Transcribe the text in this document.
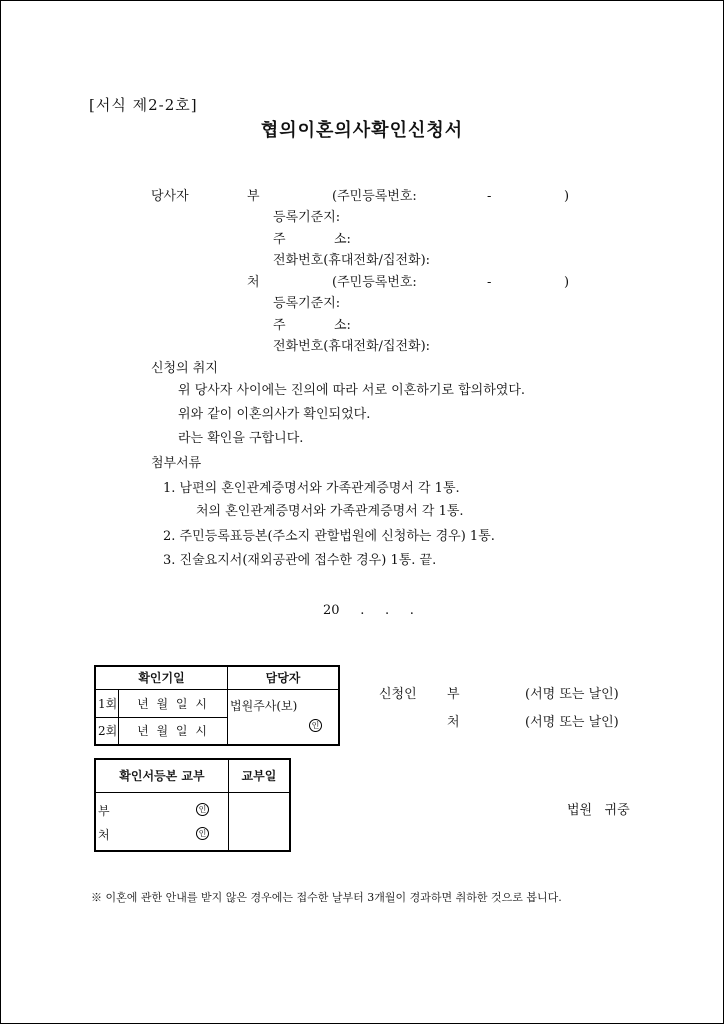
[서식 제2-2호]
협의이혼의사확인신청서
당사자	부	(주민등록번호:	-	)
등록기준지:
주	소:
전화번호(휴대전화/집전화):
처	(주민등록번호:	-	)
등록기준지:
주	소:
전화번호(휴대전화/집전화):
신청의 취지
위 당사자 사이에는 진의에 따라 서로 이혼하기로 합의하였다.
위와 같이 이혼의사가 확인되었다.
라는 확인을 구합니다.
첨부서류
1. 남편의 혼인관계증명서와 가족관계증명서 각 1통.
처의 혼인관계증명서와 가족관계증명서 각 1통.
2. 주민등록표등본(주소지 관할법원에 신청하는 경우) 1통.
3. 진술요지서(재외공관에 접수한 경우) 1통. 끝.
20     .     .     .
확인기일		담당자
1회	년 월 일 시	법원주사(보)
인

2회	년 월 일 시	
확인서등본 교부	교부일

부 인
처 인	

신청인 부	(서명 또는 날인)
처	(서명 또는 날인)
법원   귀중
※ 이혼에 관한 안내를 받지 않은 경우에는 접수한 날부터 3개월이 경과하면 취하한 것으로 봅니다.
